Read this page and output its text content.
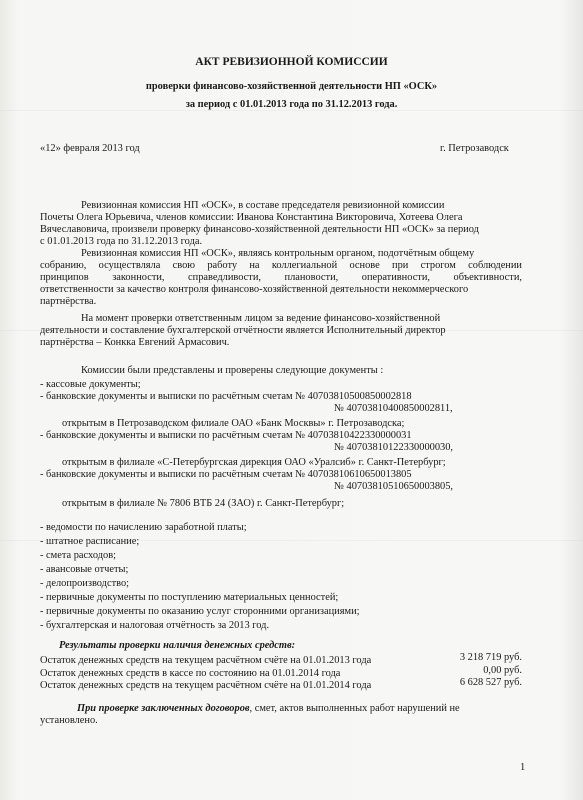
АКТ РЕВИЗИОННОЙ КОМИССИИ
проверки финансово-хозяйственной деятельности НП «ОСК»
за период с 01.01.2013 года по 31.12.2013 года.
«12» февраля 2013 год	г. Петрозаводск
Ревизионная комиссия НП «ОСК», в составе председателя ревизионной комиссии
Почеты Олега Юрьевича, членов комиссии: Иванова Константина Викторовича, Хотеева Олега
Вячеславовича, произвели проверку финансово-хозяйственной деятельности НП «ОСК» за период
с 01.01.2013 года по 31.12.2013 года.
Ревизионная комиссия НП «ОСК», являясь контрольным органом, подотчётным общему
собранию, осуществляла свою работу на коллегиальной основе при строгом соблюдении
принципов законности, справедливости, плановости, оперативности, объективности,
ответственности за качество контроля финансово-хозяйственной деятельности некоммерческого
партнёрства.
На момент проверки ответственным лицом за ведение финансово-хозяйственной
деятельности и составление бухгалтерской отчётности является Исполнительный директор
партнёрства – Конкка Евгений Армасович.
Комиссии были представлены и проверены следующие документы :
- кассовые документы;
- банковские документы и выписки по расчётным счетам № 40703810500850002818
№ 40703810400850002811,
открытым в Петрозаводском филиале ОАО «Банк Москвы» г. Петрозаводска;
- банковские документы и выписки по расчётным счетам № 40703810422330000031
№ 40703810122330000030,
открытым в филиале «С-Петербургская дирекция ОАО «Уралсиб» г. Санкт-Петербург;
- банковские документы и выписки по расчётным счетам № 40703810610650013805
№ 40703810510650003805,
открытым в филиале № 7806 ВТБ 24 (ЗАО) г. Санкт-Петербург;
- ведомости по начислению заработной платы;
- штатное расписание;
- смета расходов;
- авансовые отчеты;
- делопроизводство;
- первичные документы по поступлению материальных ценностей;
- первичные документы по оказанию услуг сторонними организациями;
- бухгалтерская и налоговая отчётность за 2013 год.
Результаты проверки наличия денежных средств:
Остаток денежных средств на текущем расчётном счёте на 01.01.2013 года	3 218 719 руб.
Остаток денежных средств в кассе по состоянию на 01.01.2014 года	0,00 руб.
Остаток денежных средств на текущем расчётном счёте на 01.01.2014 года	6 628 527 руб.
При проверке заключенных договоров, смет, актов выполненных работ нарушений не
установлено.
1
